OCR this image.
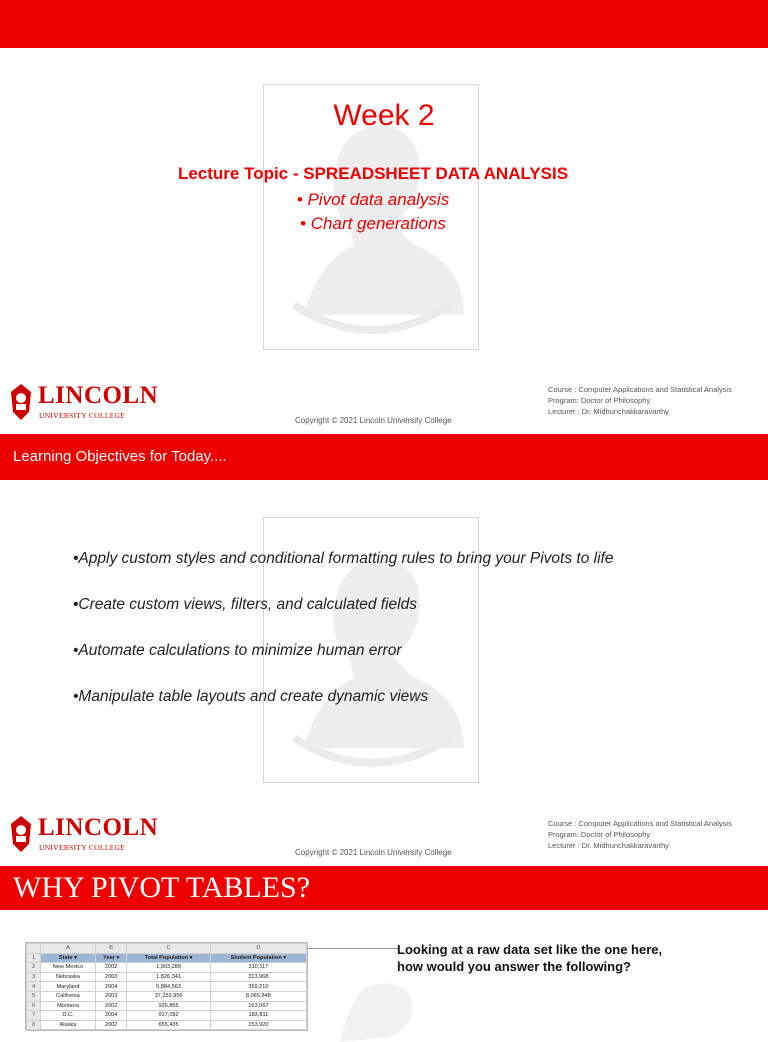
Week 2
Lecture Topic - SPREADSHEET DATA ANALYSIS
• Pivot data analysis
• Chart generations
LINCOLN
UNIVERSITY COLLEGE
Copyright © 2021 Lincoln University College
Course : Computer Applications and Statistical Analysis
Program: Doctor of Philosophy
Lecturer : Dr. Midhunchakkaravarthy
Learning Objectives for Today....
•Apply custom styles and conditional formatting rules to bring your Pivots to life
•Create custom views, filters, and calculated fields
•Automate calculations to minimize human error
•Manipulate table layouts and create dynamic views
LINCOLN
UNIVERSITY COLLEGE
Copyright © 2021 Lincoln University College
Course : Computer Applications and Statistical Analysis
Program: Doctor of Philosophy
Lecturer : Dr. Midhunchakkaravarthy
WHY PIVOT TABLES?
	A	B	C	D
1	State ▾	Year ▾	Total Population ▾	Student Population ▾
2	New Mexico	2002	1,903,289	310,117
3	Nebraska	2003	1,826,341	313,968
4	Maryland	2004	5,884,563	359,210
5	California	2003	37,253,956	8,065,848
6	Montana	2002	926,865	163,067
7	D.C.	2004	917,092	183,811
8	Alaska	2002	655,435	153,920
Looking at a raw data set like the one here, how would you answer the following?
